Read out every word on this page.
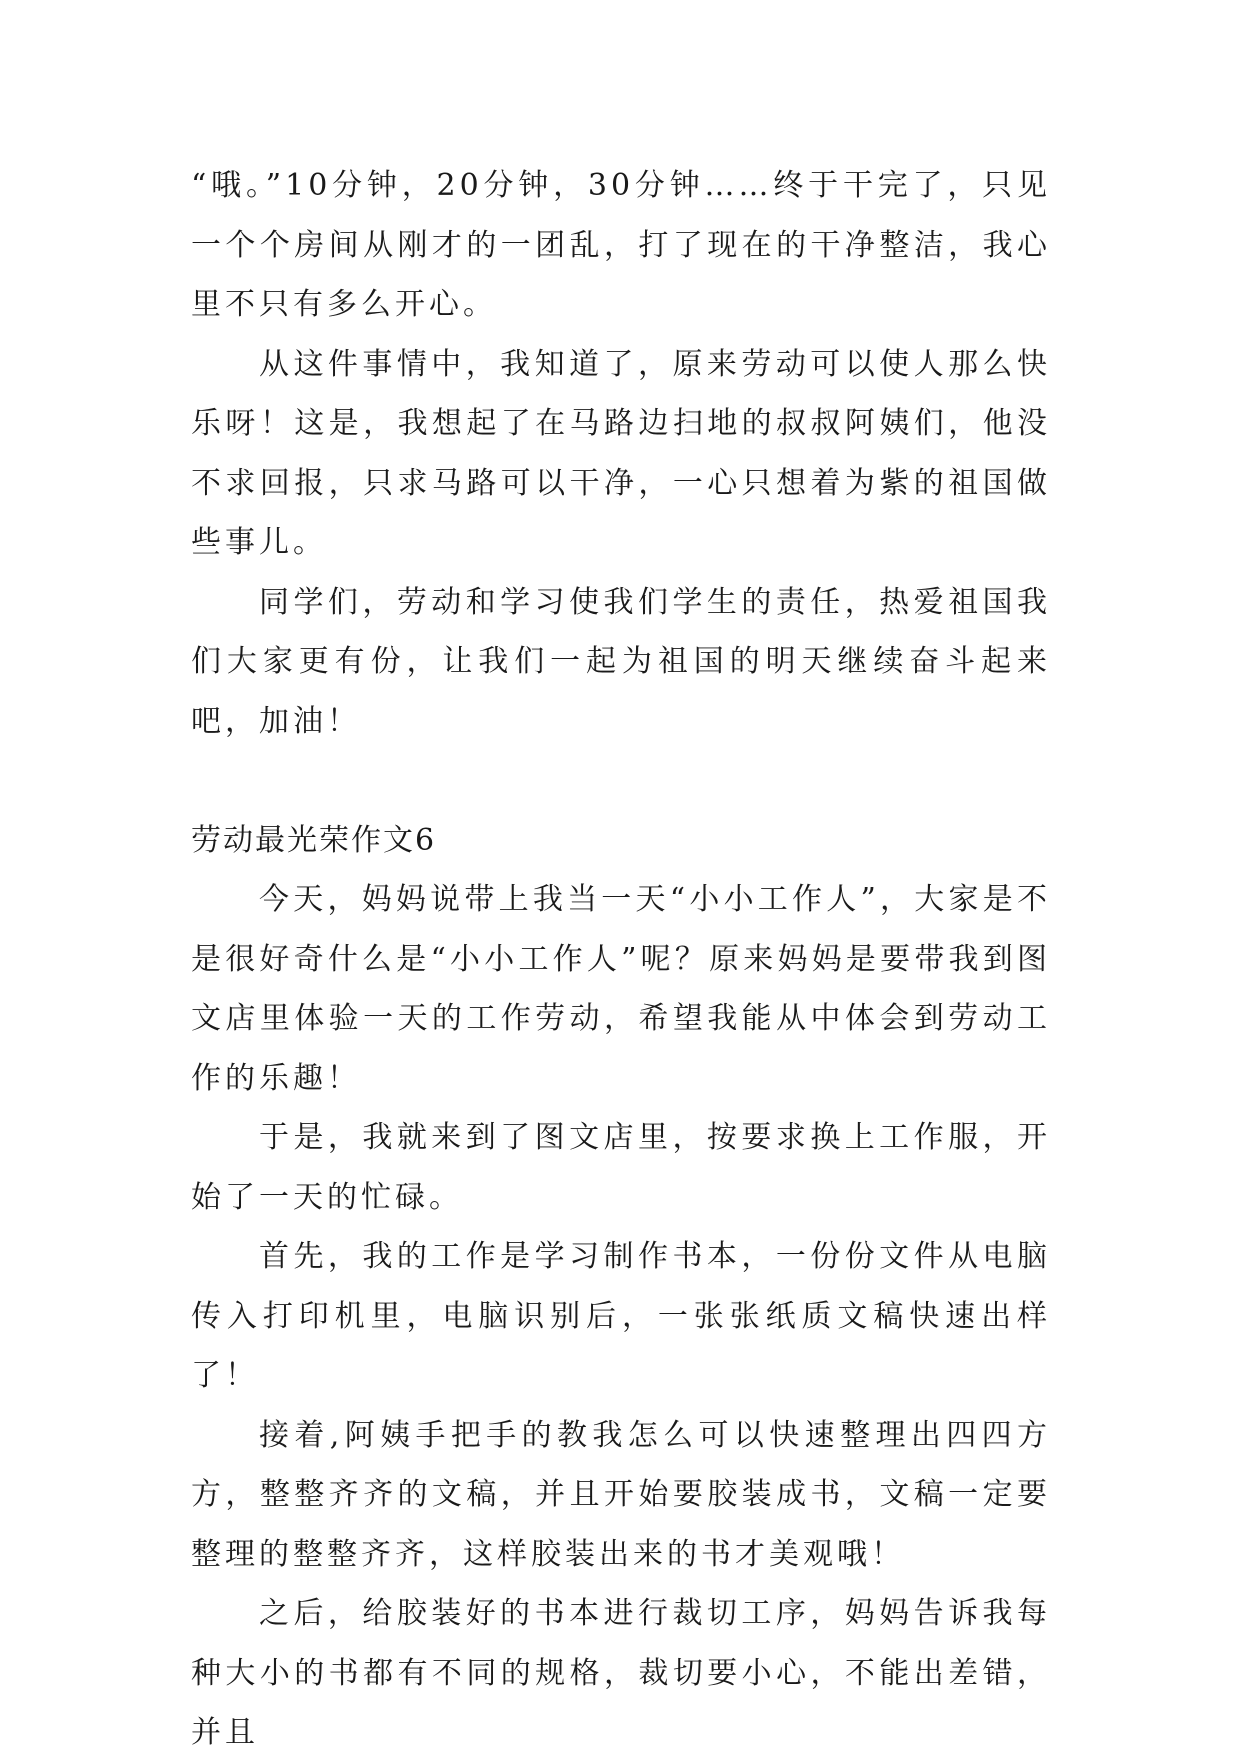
“哦。”10分钟，20分钟，30分钟……终于干完了，只见一个个房间从刚才的一团乱，打了现在的干净整洁，我心里不只有多么开心。

从这件事情中，我知道了，原来劳动可以使人那么快乐呀！这是，我想起了在马路边扫地的叔叔阿姨们，他没不求回报，只求马路可以干净，一心只想着为紫的祖国做些事儿。

同学们，劳动和学习使我们学生的责任，热爱祖国我们大家更有份，让我们一起为祖国的明天继续奋斗起来吧，加油！

劳动最光荣作文6

今天，妈妈说带上我当一天“小小工作人”，大家是不是很好奇什么是“小小工作人”呢？原来妈妈是要带我到图文店里体验一天的工作劳动，希望我能从中体会到劳动工作的乐趣！

于是，我就来到了图文店里，按要求换上工作服，开始了一天的忙碌。

首先，我的工作是学习制作书本，一份份文件从电脑传入打印机里，电脑识别后，一张张纸质文稿快速出样了！

接着,阿姨手把手的教我怎么可以快速整理出四四方方，整整齐齐的文稿，并且开始要胶装成书，文稿一定要整理的整整齐齐，这样胶装出来的书才美观哦！

之后，给胶装好的书本进行裁切工序，妈妈告诉我每种大小的书都有不同的规格，裁切要小心，不能出差错，并且
